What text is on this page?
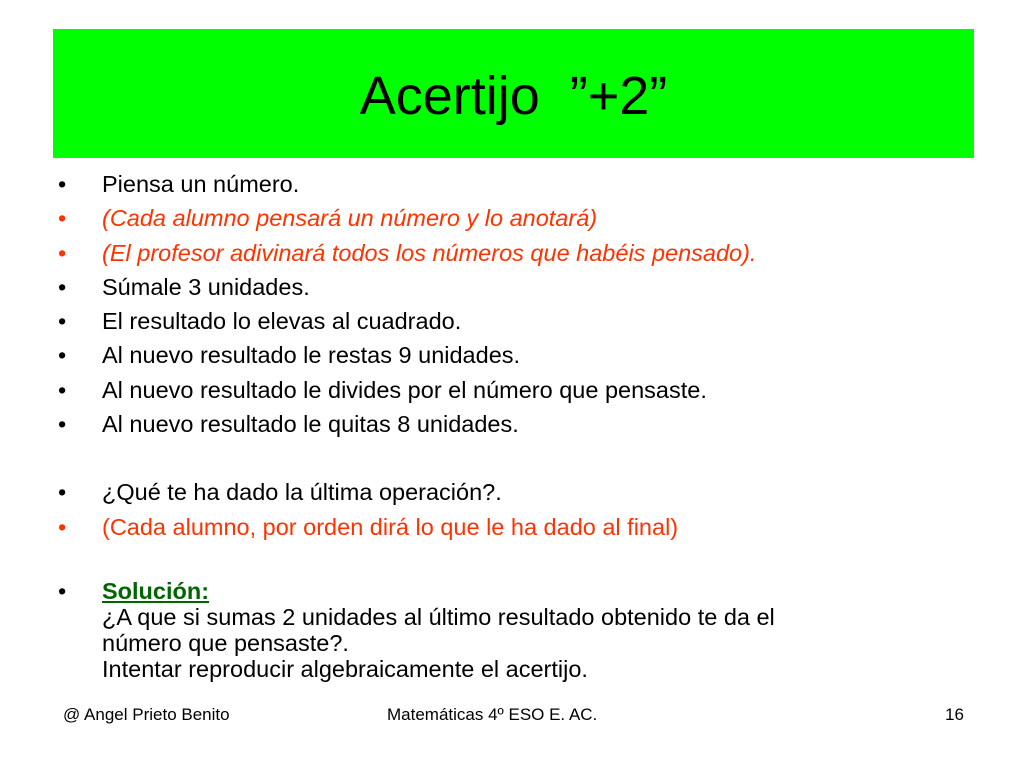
Acertijo  ”+2”
• Piensa un número.
• (Cada alumno pensará un número y lo anotará)
• (El profesor adivinará todos los números que habéis pensado).
• Súmale 3 unidades.
• El resultado lo elevas al cuadrado.
• Al nuevo resultado le restas 9 unidades.
• Al nuevo resultado le divides por el número que pensaste.
• Al nuevo resultado le quitas 8 unidades.
• ¿Qué te ha dado la última operación?.
• (Cada alumno, por orden dirá lo que le ha dado al final)
• Solución:
¿A que si sumas 2 unidades al último resultado obtenido te da el
número que pensaste?.
Intentar reproducir algebraicamente el acertijo.
@ Angel Prieto Benito	Matemáticas 4º ESO E. AC.	16
